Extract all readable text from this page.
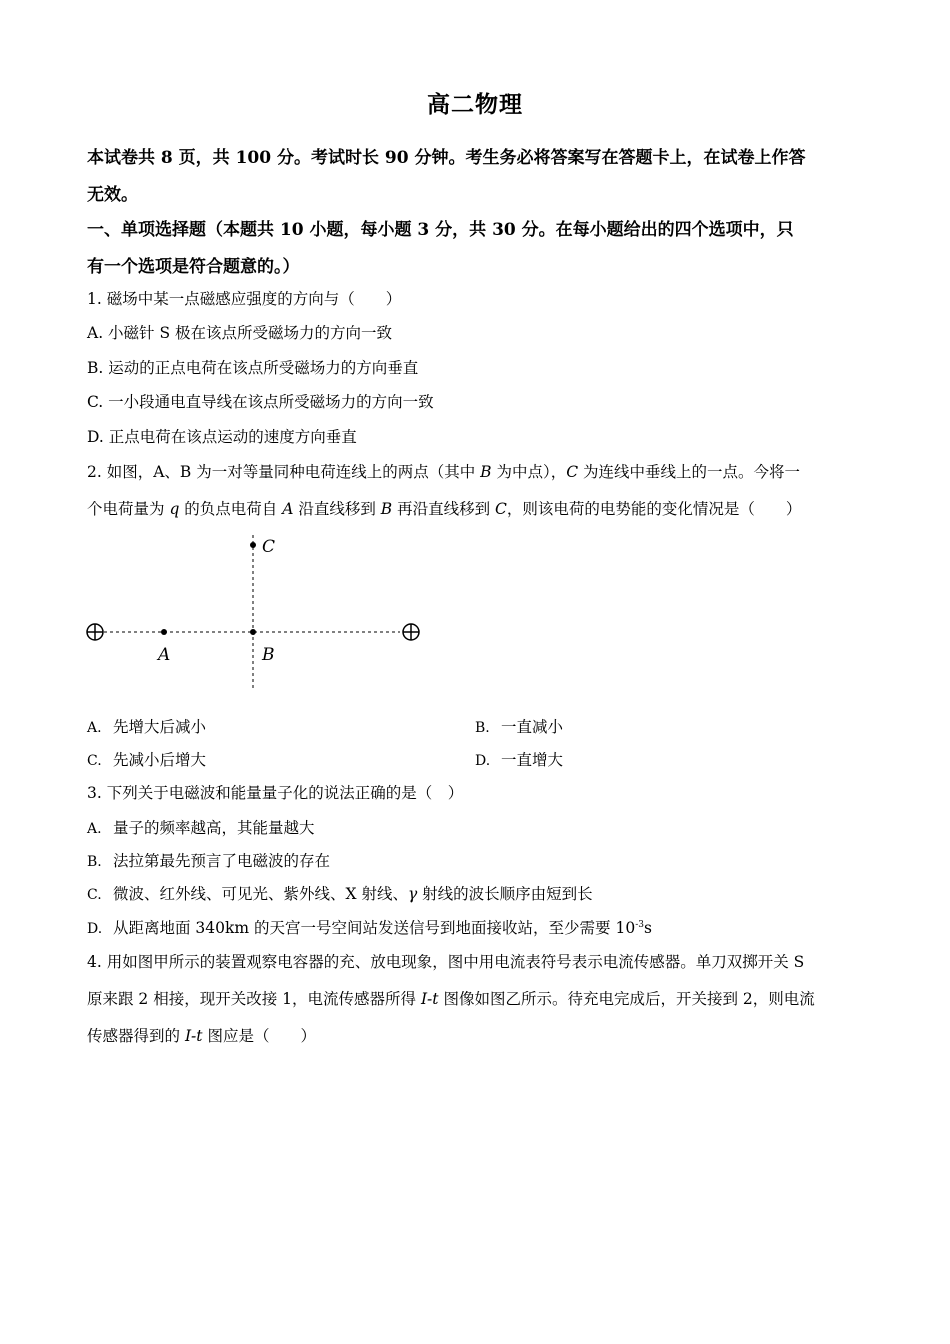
高二物理
本试卷共 8 页，共 100 分。考试时长 90 分钟。考生务必将答案写在答题卡上，在试卷上作答
无效。
一、单项选择题（本题共 10 小题，每小题 3 分，共 30 分。在每小题给出的四个选项中，只
有一个选项是符合题意的。）
1. 磁场中某一点磁感应强度的方向与（　　）
A. 小磁针 S 极在该点所受磁场力的方向一致
B. 运动的正点电荷在该点所受磁场力的方向垂直
C. 一小段通电直导线在该点所受磁场力的方向一致
D. 正点电荷在该点运动的速度方向垂直
2. 如图，A、B 为一对等量同种电荷连线上的两点（其中 B 为中点），C 为连线中垂线上的一点。今将一
个电荷量为 q 的负点电荷自 A 沿直线移到 B 再沿直线移到 C，则该电荷的电势能的变化情况是（　　）
A	B
C
A. 先增大后减小	B. 一直减小
C. 先减小后增大	D. 一直增大
3. 下列关于电磁波和能量量子化的说法正确的是（　）
A. 量子的频率越高，其能量越大
B. 法拉第最先预言了电磁波的存在
C. 微波、红外线、可见光、紫外线、X 射线、γ 射线的波长顺序由短到长
D. 从距离地面 340km 的天宫一号空间站发送信号到地面接收站，至少需要 $10^{-3}s$
4. 用如图甲所示的装置观察电容器的充、放电现象，图中用电流表符号表示电流传感器。单刀双掷开关 S
原来跟 2 相接，现开关改接 1，电流传感器所得 I-t 图像如图乙所示。待充电完成后，开关接到 2，则电流
传感器得到的 I-t 图应是（　　）
